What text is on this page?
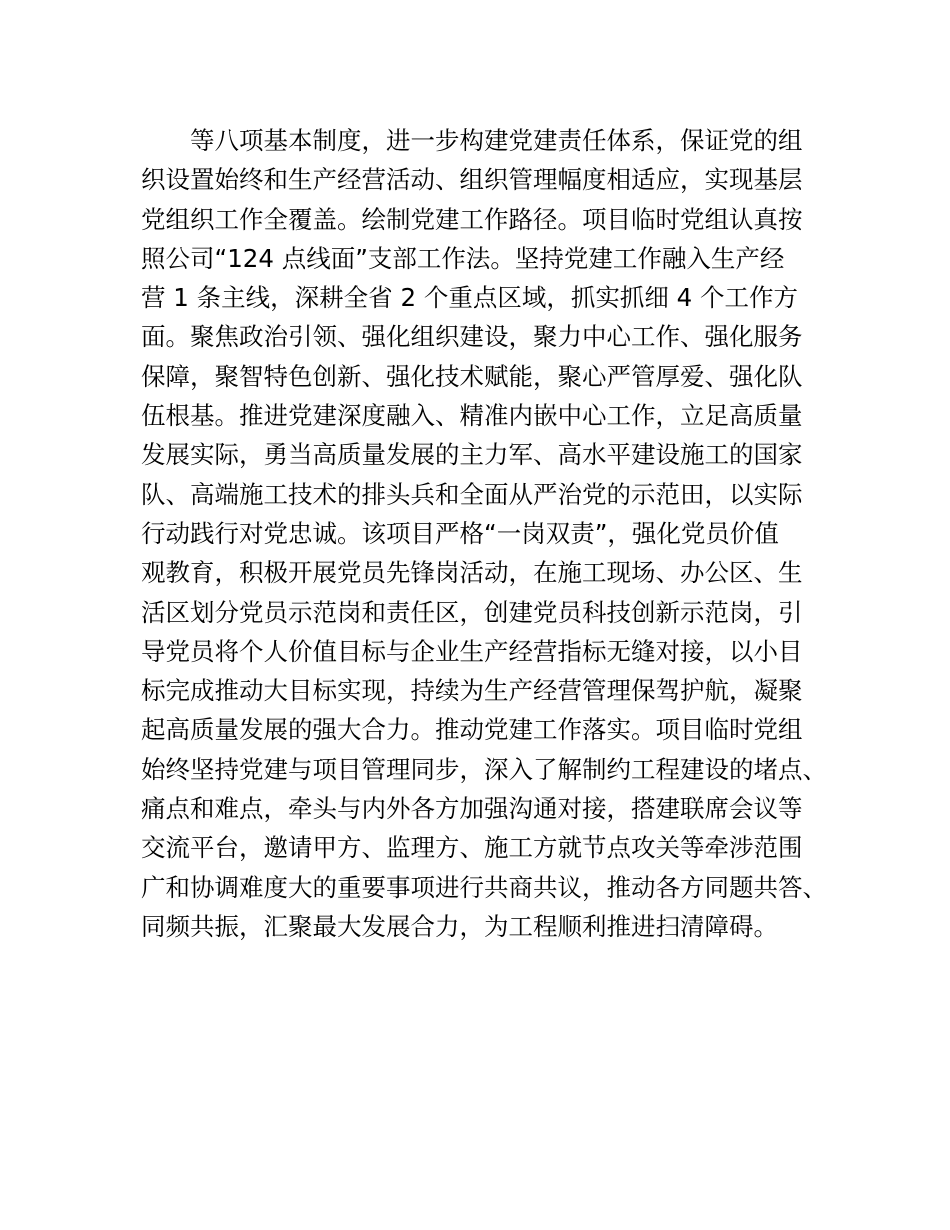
等八项基本制度，进一步构建党建责任体系，保证党的组
织设置始终和生产经营活动、组织管理幅度相适应，实现基层
党组织工作全覆盖。绘制党建工作路径。项目临时党组认真按
照公司“124 点线面”支部工作法。坚持党建工作融入生产经
营 1 条主线，深耕全省 2 个重点区域，抓实抓细 4 个工作方
面。聚焦政治引领、强化组织建设，聚力中心工作、强化服务
保障，聚智特色创新、强化技术赋能，聚心严管厚爱、强化队
伍根基。推进党建深度融入、精准内嵌中心工作，立足高质量
发展实际，勇当高质量发展的主力军、高水平建设施工的国家
队、高端施工技术的排头兵和全面从严治党的示范田，以实际
行动践行对党忠诚。该项目严格“一岗双责”，强化党员价值
观教育，积极开展党员先锋岗活动，在施工现场、办公区、生
活区划分党员示范岗和责任区，创建党员科技创新示范岗，引
导党员将个人价值目标与企业生产经营指标无缝对接，以小目
标完成推动大目标实现，持续为生产经营管理保驾护航，凝聚
起高质量发展的强大合力。推动党建工作落实。项目临时党组
始终坚持党建与项目管理同步，深入了解制约工程建设的堵点、
痛点和难点，牵头与内外各方加强沟通对接，搭建联席会议等
交流平台，邀请甲方、监理方、施工方就节点攻关等牵涉范围
广和协调难度大的重要事项进行共商共议，推动各方同题共答、
同频共振，汇聚最大发展合力，为工程顺利推进扫清障碍。
